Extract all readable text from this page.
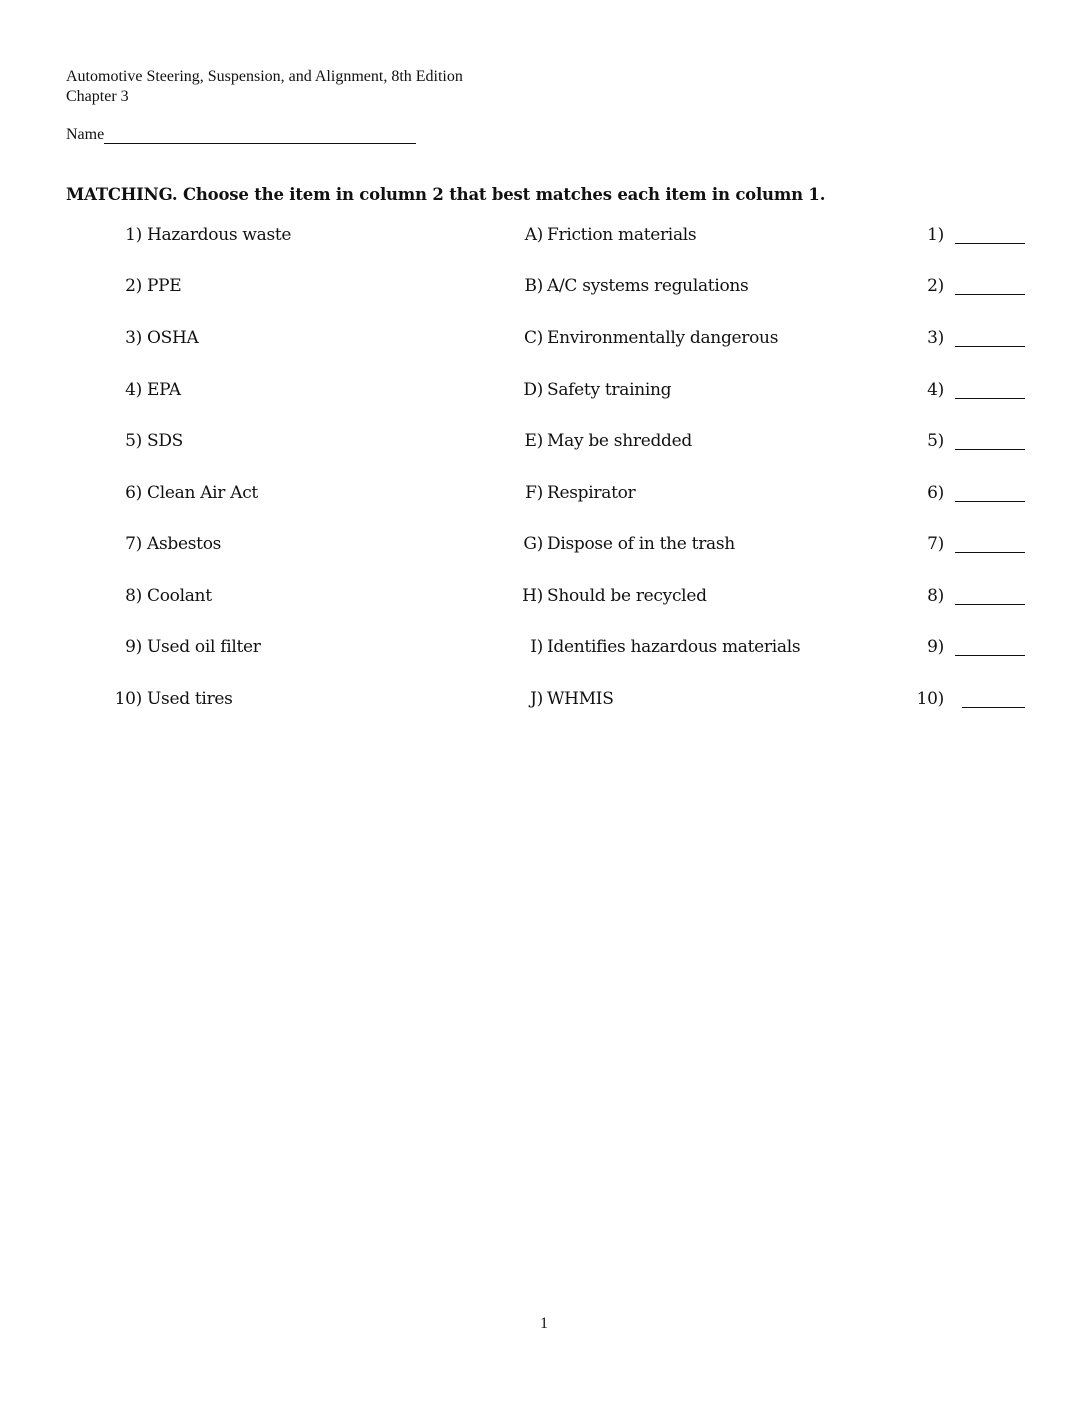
Automotive Steering, Suspension, and Alignment, 8th Edition
Chapter 3
Name
MATCHING. Choose the item in column 2 that best matches each item in column 1.
1) Hazardous waste	A) Friction materials	1)
2) PPE	B) A/C systems regulations	2)
3) OSHA	C) Environmentally dangerous	3)
4) EPA	D) Safety training	4)
5) SDS	E) May be shredded	5)
6) Clean Air Act	F) Respirator	6)
7) Asbestos	G) Dispose of in the trash	7)
8) Coolant	H) Should be recycled	8)
9) Used oil filter	I) Identifies hazardous materials	9)
10) Used tires	J) WHMIS	10)
1
